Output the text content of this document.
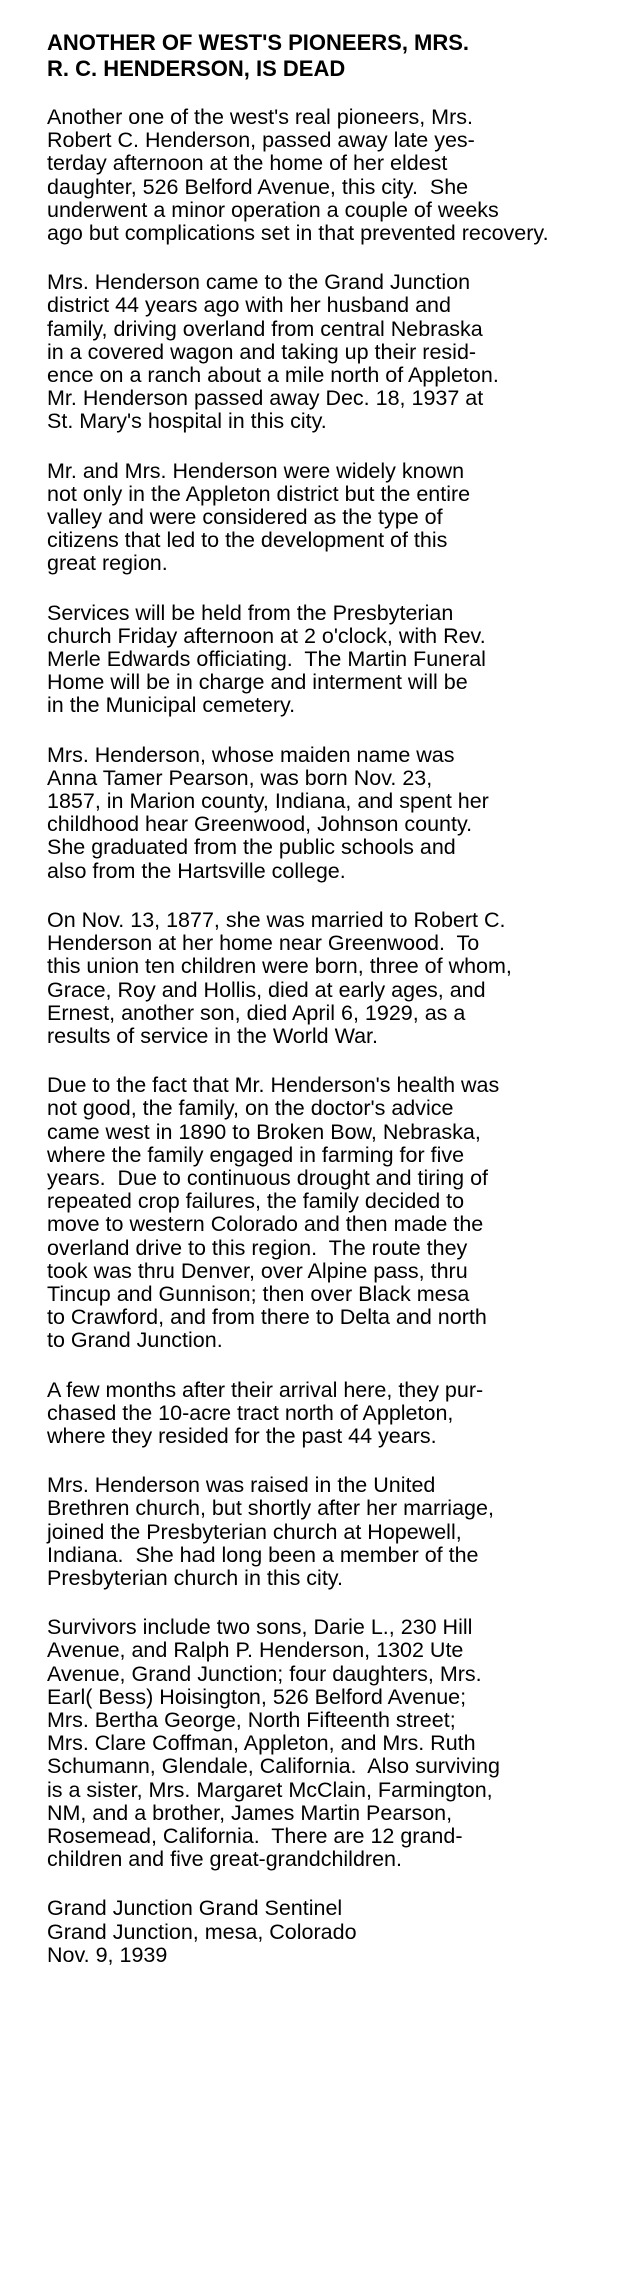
ANOTHER OF WEST'S PIONEERS, MRS.
R. C. HENDERSON, IS DEAD
Another one of the west's real pioneers, Mrs.
Robert C. Henderson, passed away late yes-
terday afternoon at the home of her eldest
daughter, 526 Belford Avenue, this city.  She
underwent a minor operation a couple of weeks
ago but complications set in that prevented recovery.
Mrs. Henderson came to the Grand Junction
district 44 years ago with her husband and
family, driving overland from central Nebraska
in a covered wagon and taking up their resid-
ence on a ranch about a mile north of Appleton.
Mr. Henderson passed away Dec. 18, 1937 at
St. Mary's hospital in this city.
Mr. and Mrs. Henderson were widely known
not only in the Appleton district but the entire
valley and were considered as the type of
citizens that led to the development of this
great region.
Services will be held from the Presbyterian
church Friday afternoon at 2 o'clock, with Rev.
Merle Edwards officiating.  The Martin Funeral
Home will be in charge and interment will be
in the Municipal cemetery.
Mrs. Henderson, whose maiden name was
Anna Tamer Pearson, was born Nov. 23,
1857, in Marion county, Indiana, and spent her
childhood hear Greenwood, Johnson county.
She graduated from the public schools and
also from the Hartsville college.
On Nov. 13, 1877, she was married to Robert C.
Henderson at her home near Greenwood.  To
this union ten children were born, three of whom,
Grace, Roy and Hollis, died at early ages, and
Ernest, another son, died April 6, 1929, as a
results of service in the World War.
Due to the fact that Mr. Henderson's health was
not good, the family, on the doctor's advice
came west in 1890 to Broken Bow, Nebraska,
where the family engaged in farming for five
years.  Due to continuous drought and tiring of
repeated crop failures, the family decided to
move to western Colorado and then made the
overland drive to this region.  The route they
took was thru Denver, over Alpine pass, thru
Tincup and Gunnison; then over Black mesa
to Crawford, and from there to Delta and north
to Grand Junction.
A few months after their arrival here, they pur-
chased the 10-acre tract north of Appleton,
where they resided for the past 44 years.
Mrs. Henderson was raised in the United
Brethren church, but shortly after her marriage,
joined the Presbyterian church at Hopewell,
Indiana.  She had long been a member of the
Presbyterian church in this city.
Survivors include two sons, Darie L., 230 Hill
Avenue, and Ralph P. Henderson, 1302 Ute
Avenue, Grand Junction; four daughters, Mrs.
Earl( Bess) Hoisington, 526 Belford Avenue;
Mrs. Bertha George, North Fifteenth street;
Mrs. Clare Coffman, Appleton, and Mrs. Ruth
Schumann, Glendale, California.  Also surviving
is a sister, Mrs. Margaret McClain, Farmington,
NM, and a brother, James Martin Pearson,
Rosemead, California.  There are 12 grand-
children and five great-grandchildren.
Grand Junction Grand Sentinel
Grand Junction, mesa, Colorado
Nov. 9, 1939
